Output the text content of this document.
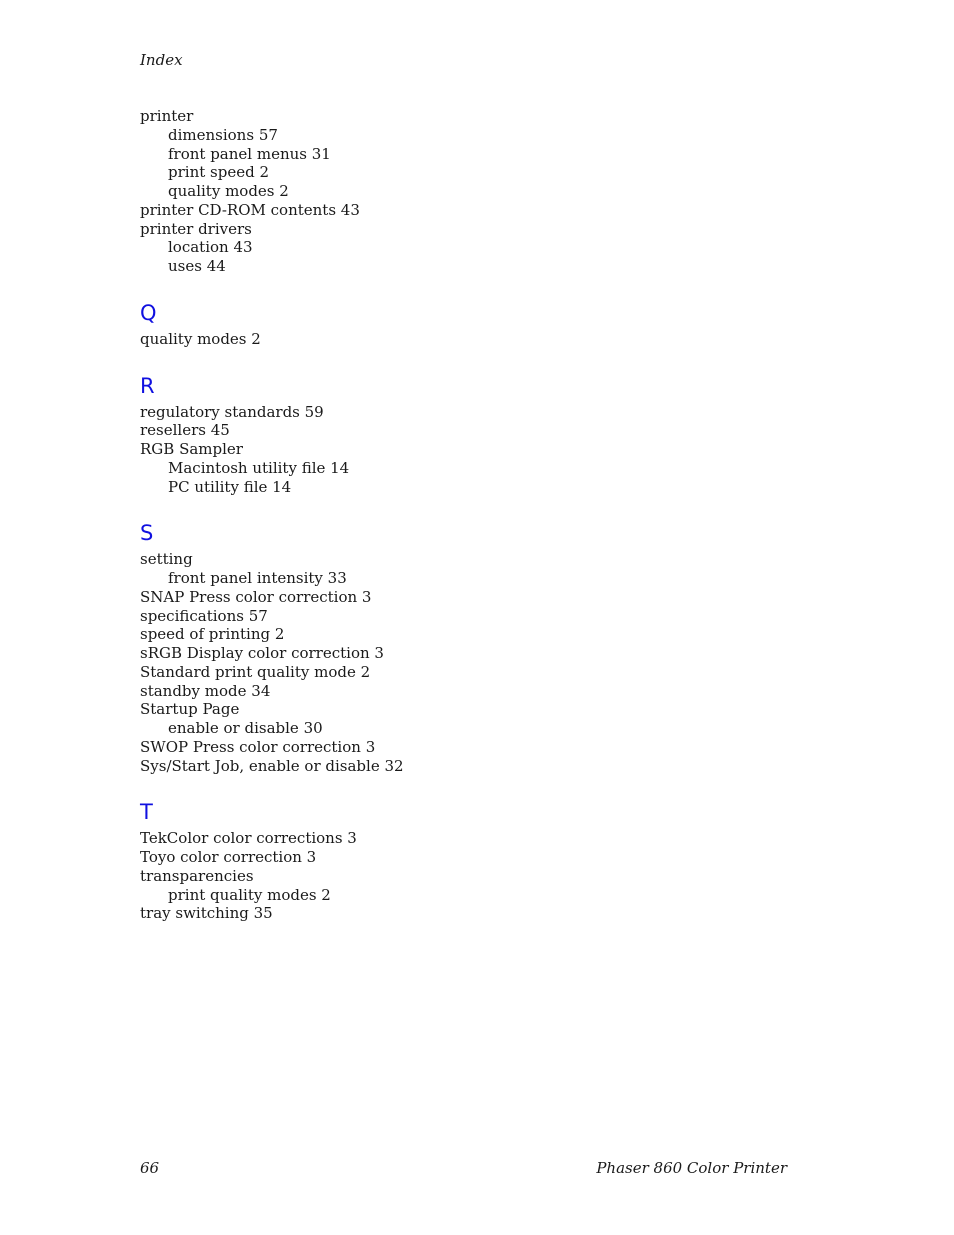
Index
printer
dimensions 57
front panel menus 31
print speed 2
quality modes 2
printer CD-ROM contents 43
printer drivers
location 43
uses 44
Q
quality modes 2
R
regulatory standards 59
resellers 45
RGB Sampler
Macintosh utility file 14
PC utility file 14
S
setting
front panel intensity 33
SNAP Press color correction 3
specifications 57
speed of printing 2
sRGB Display color correction 3
Standard print quality mode 2
standby mode 34
Startup Page
enable or disable 30
SWOP Press color correction 3
Sys/Start Job, enable or disable 32
T
TekColor color corrections 3
Toyo color correction 3
transparencies
print quality modes 2
tray switching 35
66	Phaser 860 Color Printer
